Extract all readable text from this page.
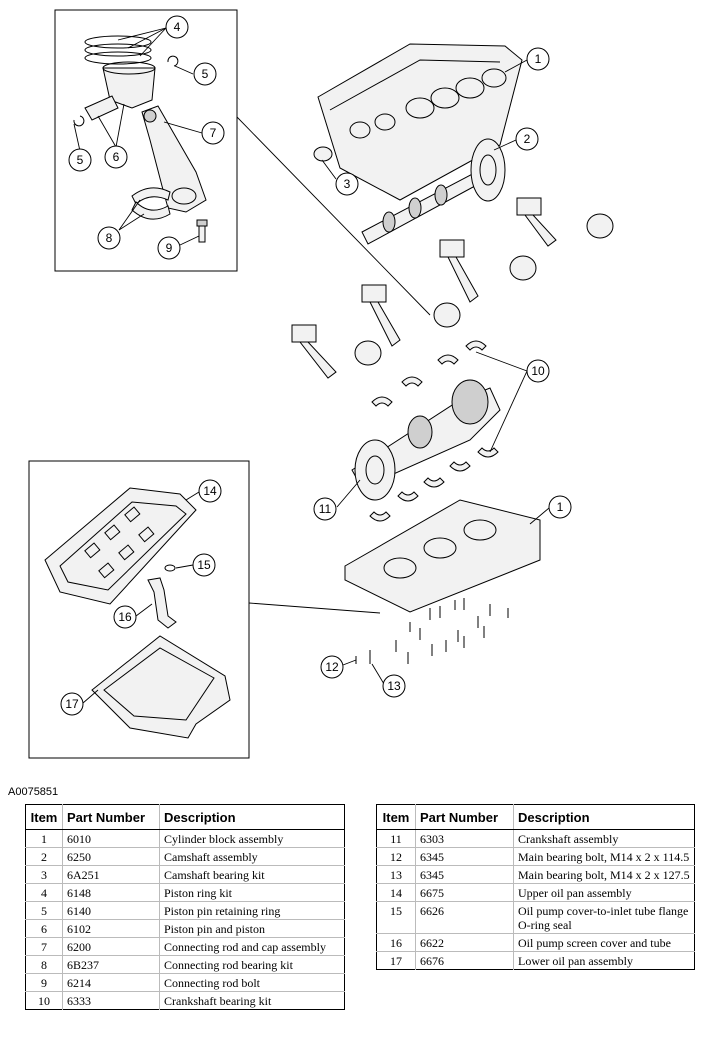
4
5
7
5 6
8
9
1
2
3
10
11	1
12
13
14
15
16
17
A0075851
Item	Part Number	Description
1	6010	Cylinder block assembly
2	6250	Camshaft assembly
3	6A251	Camshaft bearing kit
4	6148	Piston ring kit
5	6140	Piston pin retaining ring
6	6102	Piston pin and piston
7	6200	Connecting rod and cap assembly
8	6B237	Connecting rod bearing kit
9	6214	Connecting rod bolt
10	6333	Crankshaft bearing kit
Item	Part Number	Description
11	6303	Crankshaft assembly
12	6345	Main bearing bolt, M14 x 2 x 114.5
13	6345	Main bearing bolt, M14 x 2 x 127.5
14	6675	Upper oil pan assembly
15	6626	Oil pump cover-to-inlet tube flange O-ring seal
16	6622	Oil pump screen cover and tube
17	6676	Lower oil pan assembly
